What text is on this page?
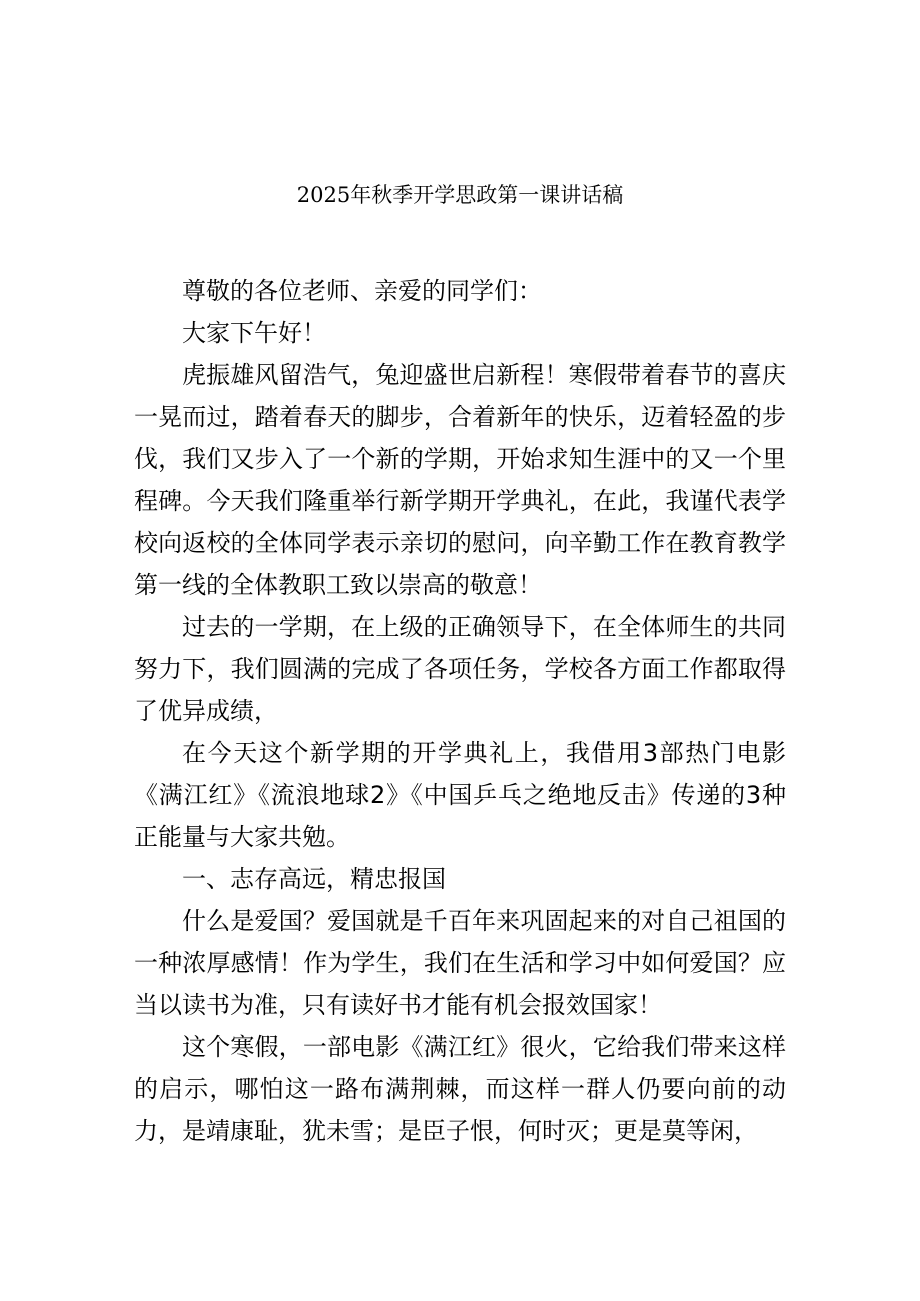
2025年秋季开学思政第一课讲话稿

尊敬的各位老师、亲爱的同学们：

大家下午好！

虎振雄风留浩气，兔迎盛世启新程！寒假带着春节的喜庆一晃而过，踏着春天的脚步，合着新年的快乐，迈着轻盈的步伐，我们又步入了一个新的学期，开始求知生涯中的又一个里程碑。今天我们隆重举行新学期开学典礼，在此，我谨代表学校向返校的全体同学表示亲切的慰问，向辛勤工作在教育教学第一线的全体教职工致以崇高的敬意！

过去的一学期，在上级的正确领导下，在全体师生的共同努力下，我们圆满的完成了各项任务，学校各方面工作都取得了优异成绩，

在今天这个新学期的开学典礼上，我借用3部热门电影《满江红》《流浪地球2》《中国乒乓之绝地反击》传递的3种正能量与大家共勉。

一、志存高远，精忠报国

什么是爱国？爱国就是千百年来巩固起来的对自己祖国的一种浓厚感情！作为学生，我们在生活和学习中如何爱国？应当以读书为准，只有读好书才能有机会报效国家！

这个寒假，一部电影《满江红》很火，它给我们带来这样的启示，哪怕这一路布满荆棘，而这样一群人仍要向前的动力，是靖康耻，犹未雪；是臣子恨，何时灭；更是莫等闲，
